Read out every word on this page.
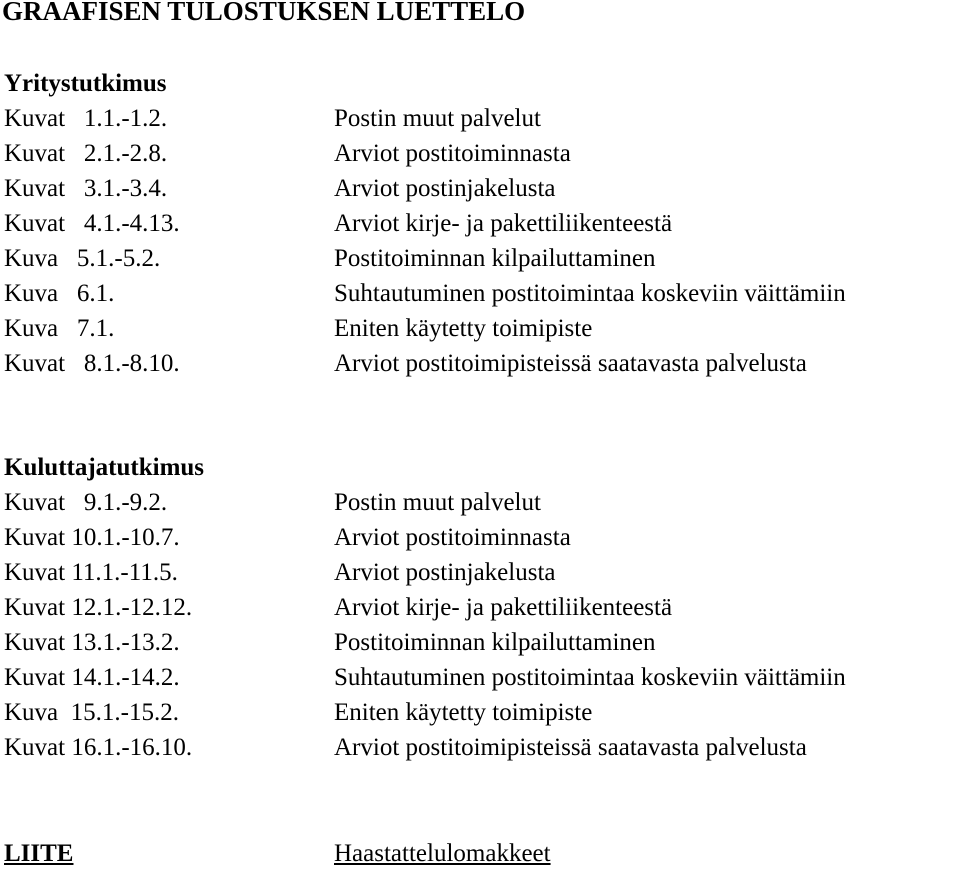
GRAAFISEN TULOSTUKSEN LUETTELO
Yritystutkimus
Kuvat   1.1.-1.2.	Postin muut palvelut
Kuvat   2.1.-2.8.	Arviot postitoiminnasta
Kuvat   3.1.-3.4.	Arviot postinjakelusta
Kuvat   4.1.-4.13.	Arviot kirje- ja pakettiliikenteestä
Kuva   5.1.-5.2.	Postitoiminnan kilpailuttaminen
Kuva   6.1.	Suhtautuminen postitoimintaa koskeviin väittämiin
Kuva   7.1.	Eniten käytetty toimipiste
Kuvat   8.1.-8.10.	Arviot postitoimipisteissä saatavasta palvelusta
Kuluttajatutkimus
Kuvat   9.1.-9.2.	Postin muut palvelut
Kuvat 10.1.-10.7.	Arviot postitoiminnasta
Kuvat 11.1.-11.5.	Arviot postinjakelusta
Kuvat 12.1.-12.12.	Arviot kirje- ja pakettiliikenteestä
Kuvat 13.1.-13.2.	Postitoiminnan kilpailuttaminen
Kuvat 14.1.-14.2.	Suhtautuminen postitoimintaa koskeviin väittämiin
Kuva  15.1.-15.2.	Eniten käytetty toimipiste
Kuvat 16.1.-16.10.	Arviot postitoimipisteissä saatavasta palvelusta
LIITE	Haastattelulomakkeet
